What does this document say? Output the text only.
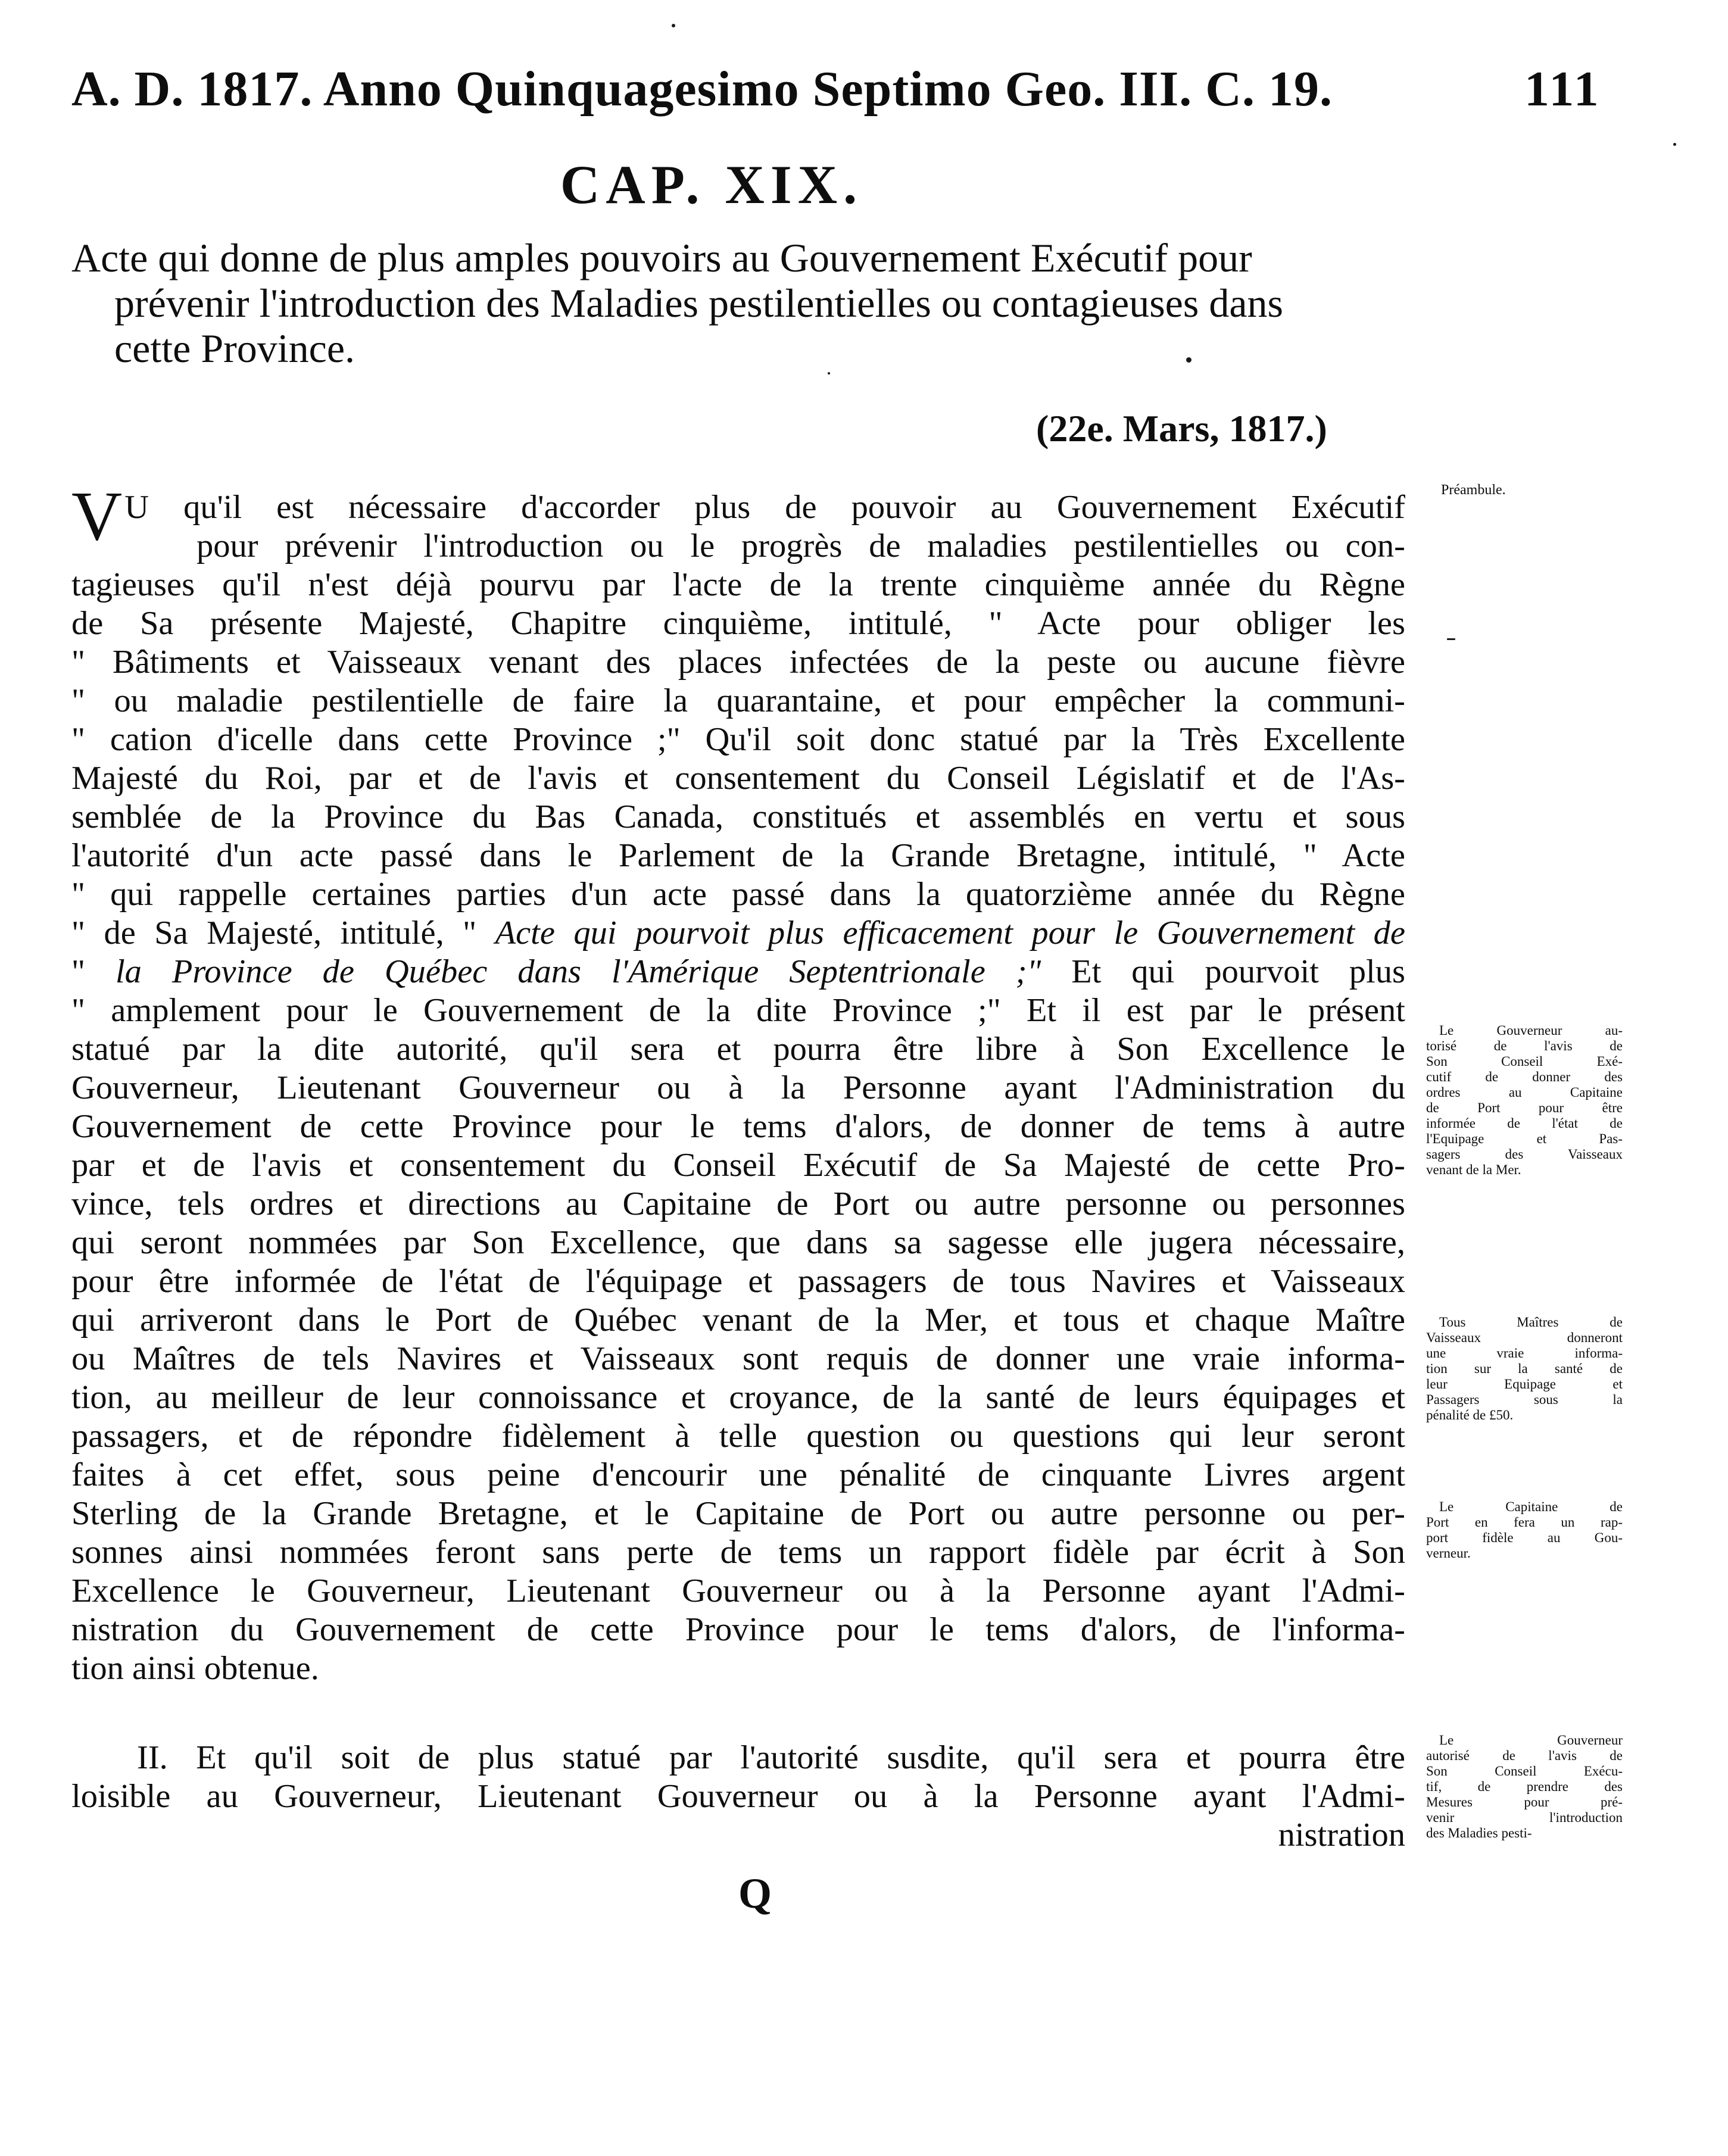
A. D. 1817. Anno Quinquagesimo Septimo Geo. III. C. 19.	111
CAP. XIX.
Acte qui donne de plus amples pouvoirs au Gouvernement Exécutif pour
prévenir l'introduction des Maladies pestilentielles ou contagieuses dans
cette Province.
(22e. Mars, 1817.)
VU qu'il est nécessaire d'accorder plus de pouvoir au Gouvernement Exécutif
pour prévenir l'introduction ou le progrès de maladies pestilentielles ou con-
tagieuses qu'il n'est déjà pourvu par l'acte de la trente cinquième année du Règne
de Sa présente Majesté, Chapitre cinquième, intitulé, " Acte pour obliger les
" Bâtiments et Vaisseaux venant des places infectées de la peste ou aucune fièvre
" ou maladie pestilentielle de faire la quarantaine, et pour empêcher la communi-
" cation d'icelle dans cette Province ;" Qu'il soit donc statué par la Très Excellente
Majesté du Roi, par et de l'avis et consentement du Conseil Législatif et de l'As-
semblée de la Province du Bas Canada, constitués et assemblés en vertu et sous
l'autorité d'un acte passé dans le Parlement de la Grande Bretagne, intitulé, " Acte
" qui rappelle certaines parties d'un acte passé dans la quatorzième année du Règne
" de Sa Majesté, intitulé, " Acte qui pourvoit plus efficacement pour le Gouvernement de
" la Province de Québec dans l'Amérique Septentrionale ;" Et qui pourvoit plus
" amplement pour le Gouvernement de la dite Province ;" Et il est par le présent
statué par la dite autorité, qu'il sera et pourra être libre à Son Excellence le
Gouverneur, Lieutenant Gouverneur ou à la Personne ayant l'Administration du
Gouvernement de cette Province pour le tems d'alors, de donner de tems à autre
par et de l'avis et consentement du Conseil Exécutif de Sa Majesté de cette Pro-
vince, tels ordres et directions au Capitaine de Port ou autre personne ou personnes
qui seront nommées par Son Excellence, que dans sa sagesse elle jugera nécessaire,
pour être informée de l'état de l'équipage et passagers de tous Navires et Vaisseaux
qui arriveront dans le Port de Québec venant de la Mer, et tous et chaque Maître
ou Maîtres de tels Navires et Vaisseaux sont requis de donner une vraie informa-
tion, au meilleur de leur connoissance et croyance, de la santé de leurs équipages et
passagers, et de répondre fidèlement à telle question ou questions qui leur seront
faites à cet effet, sous peine d'encourir une pénalité de cinquante Livres argent
Sterling de la Grande Bretagne, et le Capitaine de Port ou autre personne ou per-
sonnes ainsi nommées feront sans perte de tems un rapport fidèle par écrit à Son
Excellence le Gouverneur, Lieutenant Gouverneur ou à la Personne ayant l'Admi-
nistration du Gouvernement de cette Province pour le tems d'alors, de l'informa-
tion ainsi obtenue.
II. Et qu'il soit de plus statué par l'autorité susdite, qu'il sera et pourra être
loisible au Gouverneur, Lieutenant Gouverneur ou à la Personne ayant l'Admi-
nistration
Q
Préambule.
Le Gouverneur au-
torisé de l'avis de
Son Conseil Exé-
cutif de donner des
ordres au Capitaine
de Port pour être
informée de l'état de
l'Equipage et Pas-
sagers des Vaisseaux
venant de la Mer.
Tous Maîtres de
Vaisseaux donneront
une vraie informa-
tion sur la santé de
leur Equipage et
Passagers sous la
pénalité de £50.
Le Capitaine de
Port en fera un rap-
port fidèle au Gou-
verneur.
Le Gouverneur
autorisé de l'avis de
Son Conseil Exécu-
tif, de prendre des
Mesures pour pré-
venir l'introduction
des Maladies pesti-
